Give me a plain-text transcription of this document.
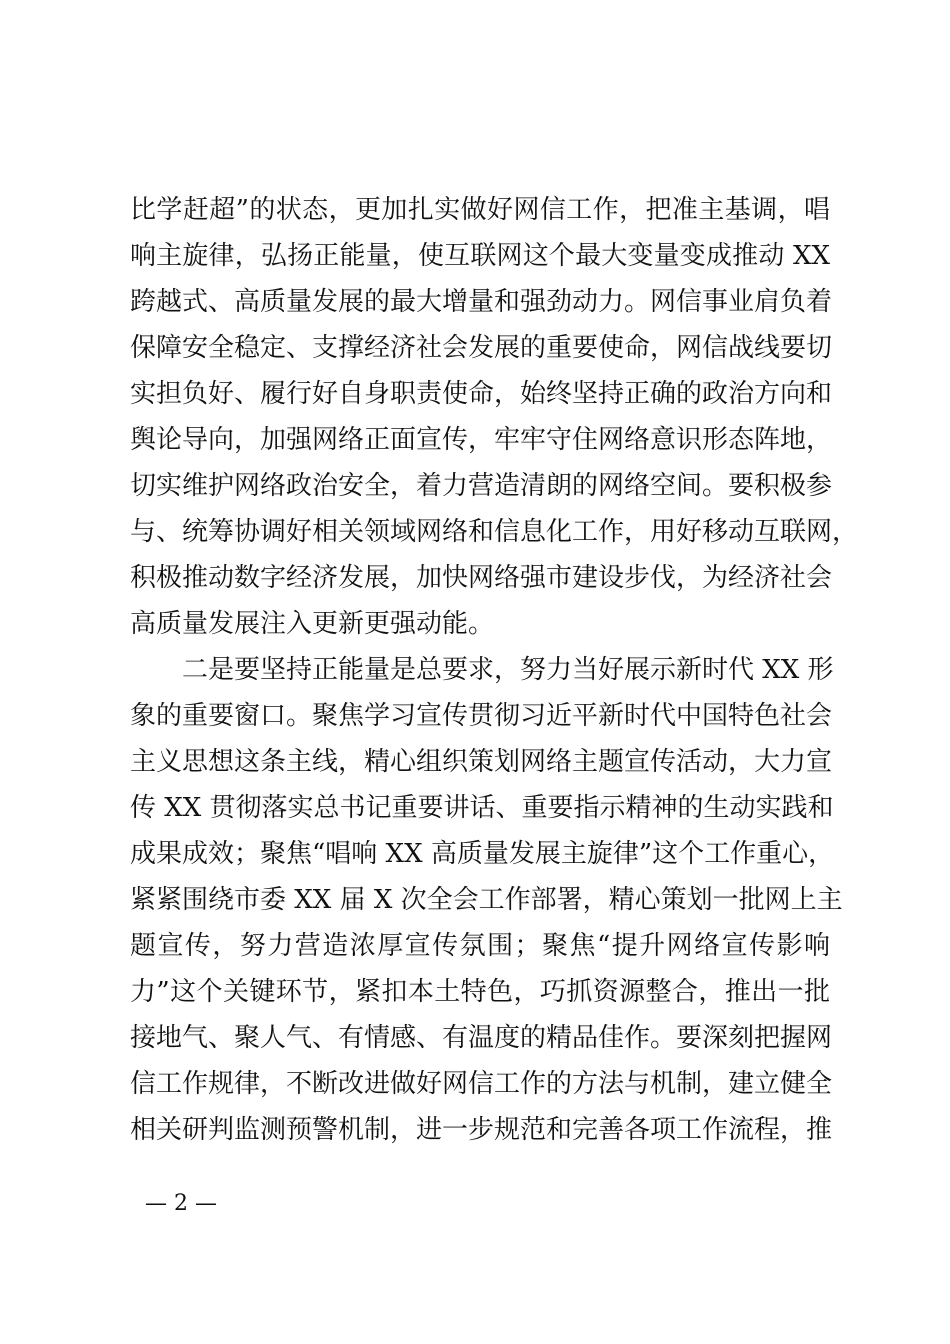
比学赶超”的状态，更加扎实做好网信工作，把准主基调，唱
响主旋律，弘扬正能量，使互联网这个最大变量变成推动 XX
跨越式、高质量发展的最大增量和强劲动力。网信事业肩负着
保障安全稳定、支撑经济社会发展的重要使命，网信战线要切
实担负好、履行好自身职责使命，始终坚持正确的政治方向和
舆论导向，加强网络正面宣传，牢牢守住网络意识形态阵地，
切实维护网络政治安全，着力营造清朗的网络空间。要积极参
与、统筹协调好相关领域网络和信息化工作，用好移动互联网，
积极推动数字经济发展，加快网络强市建设步伐，为经济社会
高质量发展注入更新更强动能。
二是要坚持正能量是总要求，努力当好展示新时代 XX 形
象的重要窗口。聚焦学习宣传贯彻习近平新时代中国特色社会
主义思想这条主线，精心组织策划网络主题宣传活动，大力宣
传 XX 贯彻落实总书记重要讲话、重要指示精神的生动实践和
成果成效；聚焦“唱响 XX 高质量发展主旋律”这个工作重心，
紧紧围绕市委 XX 届 X 次全会工作部署，精心策划一批网上主
题宣传，努力营造浓厚宣传氛围；聚焦“提升网络宣传影响
力”这个关键环节，紧扣本土特色，巧抓资源整合，推出一批
接地气、聚人气、有情感、有温度的精品佳作。要深刻把握网
信工作规律，不断改进做好网信工作的方法与机制，建立健全
相关研判监测预警机制，进一步规范和完善各项工作流程，推
— 2 —
